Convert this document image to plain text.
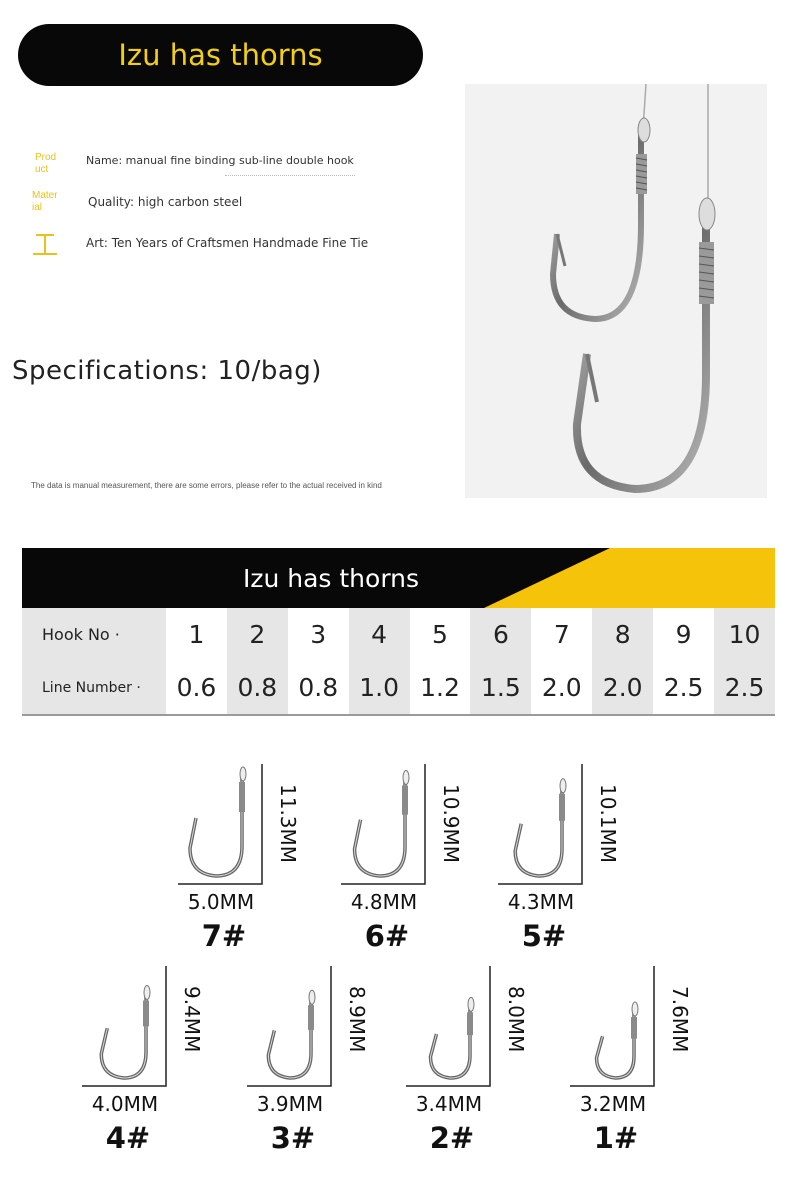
Izu has thorns
Prod
uct
Name: manual fine binding sub-line double hook
Mater
ial	Quality: high carbon steel
Art: Ten Years of Craftsmen Handmade Fine Tie
Specifications: 10/bag)
The data is manual measurement, there are some errors, please refer to the actual received in kind
Izu has thorns
Hook No ·	1	2	3	4	5	6	7	8	9	10
Line Number ·	0.6	0.8	0.8	1.0	1.2	1.5	2.0	2.0	2.5	2.5
11.3MM
5.0MM
7#
10.9MM
4.8MM
6#
10.1MM
4.3MM
5#
9.4MM
4.0MM
4#
8.9MM
3.9MM
3#
8.0MM
3.4MM
2#
7.6MM
3.2MM
1#
